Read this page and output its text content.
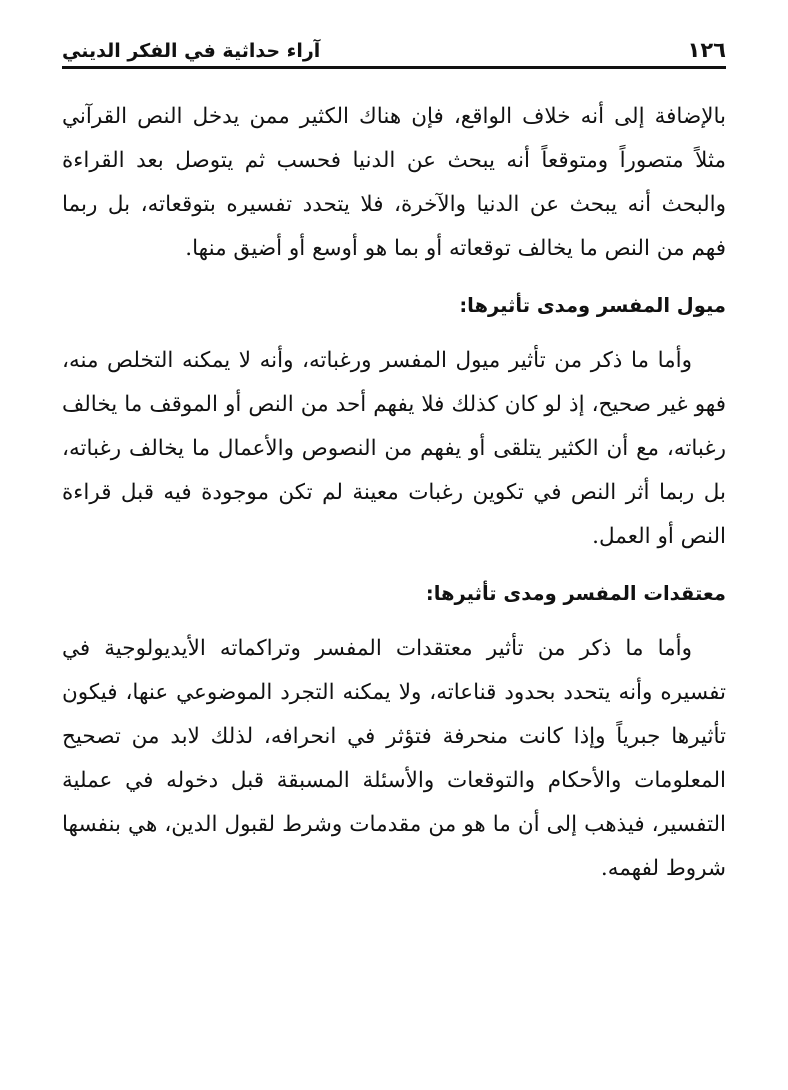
١٢٦
آراء حداثية في الفكر الديني

بالإضافة إلى أنه خلاف الواقع، فإن هناك الكثير ممن يدخل النص القرآني مثلاً متصوراً ومتوقعاً أنه يبحث عن الدنيا فحسب ثم يتوصل بعد القراءة والبحث أنه يبحث عن الدنيا والآخرة، فلا يتحدد تفسيره بتوقعاته، بل ربما فهم من النص ما يخالف توقعاته أو بما هو أوسع أو أضيق منها.

ميول المفسر ومدى تأثيرها:

وأما ما ذكر من تأثير ميول المفسر ورغباته، وأنه لا يمكنه التخلص منه، فهو غير صحيح، إذ لو كان كذلك فلا يفهم أحد من النص أو الموقف ما يخالف رغباته، مع أن الكثير يتلقى أو يفهم من النصوص والأعمال ما يخالف رغباته، بل ربما أثر النص في تكوين رغبات معينة لم تكن موجودة فيه قبل قراءة النص أو العمل.

معتقدات المفسر ومدى تأثيرها:

وأما ما ذكر من تأثير معتقدات المفسر وتراكماته الأيديولوجية في تفسيره وأنه يتحدد بحدود قناعاته، ولا يمكنه التجرد الموضوعي عنها، فيكون تأثيرها جبرياً وإذا كانت منحرفة فتؤثر في انحرافه، لذلك لابد من تصحيح المعلومات والأحكام والتوقعات والأسئلة المسبقة قبل دخوله في عملية التفسير، فيذهب إلى أن ما هو من مقدمات وشرط لقبول الدين، هي بنفسها شروط لفهمه.
